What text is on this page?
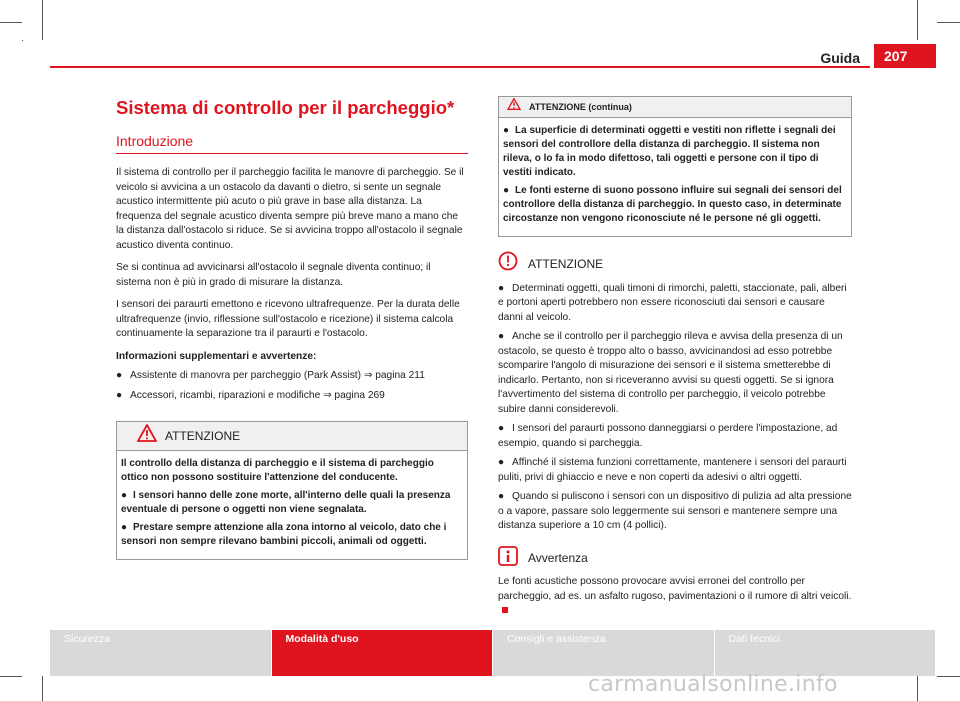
Guida	207
Sistema di controllo per il parcheggio*
Introduzione

Il sistema di controllo per il parcheggio facilita le manovre di parcheggio. Se il veicolo si avvicina a un ostacolo da davanti o dietro, si sente un segnale acustico intermittente più acuto o più grave in base alla distanza. La frequenza del segnale acustico diventa sempre più breve mano a mano che la distanza dall'ostacolo si riduce. Se si avvicina troppo all'ostacolo il segnale acustico diventa continuo.

Se si continua ad avvicinarsi all'ostacolo il segnale diventa continuo; il sistema non è più in grado di misurare la distanza.

I sensori dei paraurti emettono e ricevono ultrafrequenze. Per la durata delle ultrafrequenze (invio, riflessione sull'ostacolo e ricezione) il sistema calcola continuamente la separazione tra il paraurti e l'ostacolo.

Informazioni supplementari e avvertenze:

● Assistente di manovra per parcheggio (Park Assist) ⇒ pagina 211
● Accessori, ricambi, riparazioni e modifiche ⇒ pagina 269
ATTENZIONE

Il controllo della distanza di parcheggio e il sistema di parcheggio ottico non possono sostituire l'attenzione del conducente.

● I sensori hanno delle zone morte, all'interno delle quali la presenza eventuale di persone o oggetti non viene segnalata.

● Prestare sempre attenzione alla zona intorno al veicolo, dato che i sensori non sempre rilevano bambini piccoli, animali od oggetti.

ATTENZIONE (continua)

● La superficie di determinati oggetti e vestiti non riflette i segnali dei sensori del controllore della distanza di parcheggio. Il sistema non rileva, o lo fa in modo difettoso, tali oggetti e persone con il tipo di vestiti indicato.

● Le fonti esterne di suono possono influire sui segnali dei sensori del controllore della distanza di parcheggio. In questo caso, in determinate circostanze non vengono riconosciute né le persone né gli oggetti.

ATTENZIONE
● Determinati oggetti, quali timoni di rimorchi, paletti, staccionate, pali, alberi e portoni aperti potrebbero non essere riconosciuti dai sensori e causare danni al veicolo.
● Anche se il controllo per il parcheggio rileva e avvisa della presenza di un ostacolo, se questo è troppo alto o basso, avvicinandosi ad esso potrebbe scomparire l'angolo di misurazione dei sensori e il sistema smetterebbe di indicarlo. Pertanto, non si riceveranno avvisi su questi oggetti. Se si ignora l'avvertimento del sistema di controllo per parcheggio, il veicolo potrebbe subire danni considerevoli.
● I sensori del paraurti possono danneggiarsi o perdere l'impostazione, ad esempio, quando si parcheggia.
● Affinché il sistema funzioni correttamente, mantenere i sensori del paraurti puliti, privi di ghiaccio e neve e non coperti da adesivi o altri oggetti.
● Quando si puliscono i sensori con un dispositivo di pulizia ad alta pressione o a vapore, passare solo leggermente sui sensori e mantenere sempre una distanza superiore a 10 cm (4 pollici).
Avvertenza

Le fonti acustiche possono provocare avvisi erronei del controllo per parcheggio, ad es. un asfalto rugoso, pavimentazioni o il rumore di altri veicoli.

Sicurezza	Modalità d'uso	Consigli e assistenza	Dati tecnici
carmanualsonline.info
